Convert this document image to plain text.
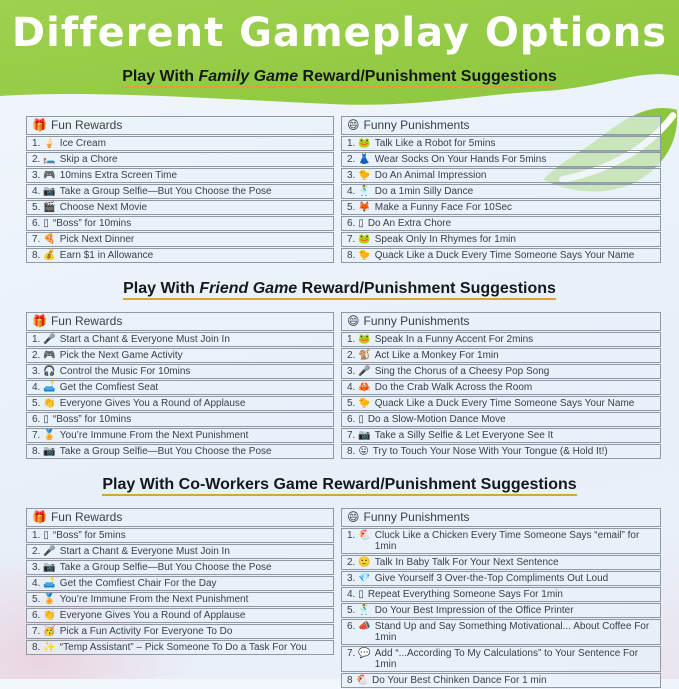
Different Gameplay Options
Play With Family Game Reward/Punishment Suggestions
🎁 Fun Rewards
1. 🍦 Ice Cream
2. 🛏️ Skip a Chore
3. 🎮 10mins Extra Screen Time
4. 📷 Take a Group Selfie—But You Choose the Pose
5. 🎬 Choose Next Movie
6. ▯ “Boss” for 10mins
7. 🍕 Pick Next Dinner
8. 💰 Earn $1 in Allowance
😄 Funny Punishments
1. 🐸 Talk Like a Robot for 5mins
2. 👗 Wear Socks On Your Hands For 5mins
3. 🐤 Do An Animal Impression
4. 🕺 Do a 1min Silly Dance
5. 🦊 Make a Funny Face For 10Sec
6. ▯ Do An Extra Chore
7. 🐸 Speak Only In Rhymes for 1min
8. 🐤 Quack Like a Duck Every Time Someone Says Your Name
Play With Friend Game Reward/Punishment Suggestions
🎁 Fun Rewards
1. 🎤 Start a Chant & Everyone Must Join In
2. 🎮 Pick the Next Game Activity
3. 🎧 Control the Music For 10mins
4. 🛋️ Get the Comfiest Seat
5. 👏 Everyone Gives You a Round of Applause
6. ▯ “Boss” for 10mins
7. 🏅 You’re Immune From the Next Punishment
8. 📷 Take a Group Selfie—But You Choose the Pose
😄 Funny Punishments
1. 🐸 Speak In a Funny Accent For 2mins
2. 🐒 Act Like a Monkey For 1min
3. 🎤 Sing the Chorus of a Cheesy Pop Song
4. 🦀 Do the Crab Walk Across the Room
5. 🐤 Quack Like a Duck Every Time Someone Says Your Name
6. ▯ Do a Slow-Motion Dance Move
7. 📷 Take a Silly Selfie & Let Everyone See It
8. 😛 Try to Touch Your Nose With Your Tongue (& Hold It!)
Play With Co-Workers Game Reward/Punishment Suggestions
🎁 Fun Rewards
1. ▯ “Boss” for 5mins
2. 🎤 Start a Chant & Everyone Must Join In
3. 📷 Take a Group Selfie—But You Choose the Pose
4. 🛋️ Get the Comfiest Chair For the Day
5. 🏅 You’re Immune From the Next Punishment
6. 👏 Everyone Gives You a Round of Applause
7. 🥳 Pick a Fun Activity For Everyone To Do
8. ✨ “Temp Assistant” – Pick Someone To Do a Task For You
😄 Funny Punishments
1. 🐔 Cluck Like a Chicken Every Time Someone Says “email” for 1min
2. 🙂 Talk In Baby Talk For Your Next Sentence
3. 💎 Give Yourself 3 Over-the-Top Compliments Out Loud
4. ▯ Repeat Everything Someone Says For 1min
5. 🕺 Do Your Best Impression of the Office Printer
6. 📣 Stand Up and Say Something Motivational... About Coffee For 1min
7. 💬 Add “...According To My Calculations” to Your Sentence For 1min
8 🐔 Do Your Best Chinken Dance For 1 min
